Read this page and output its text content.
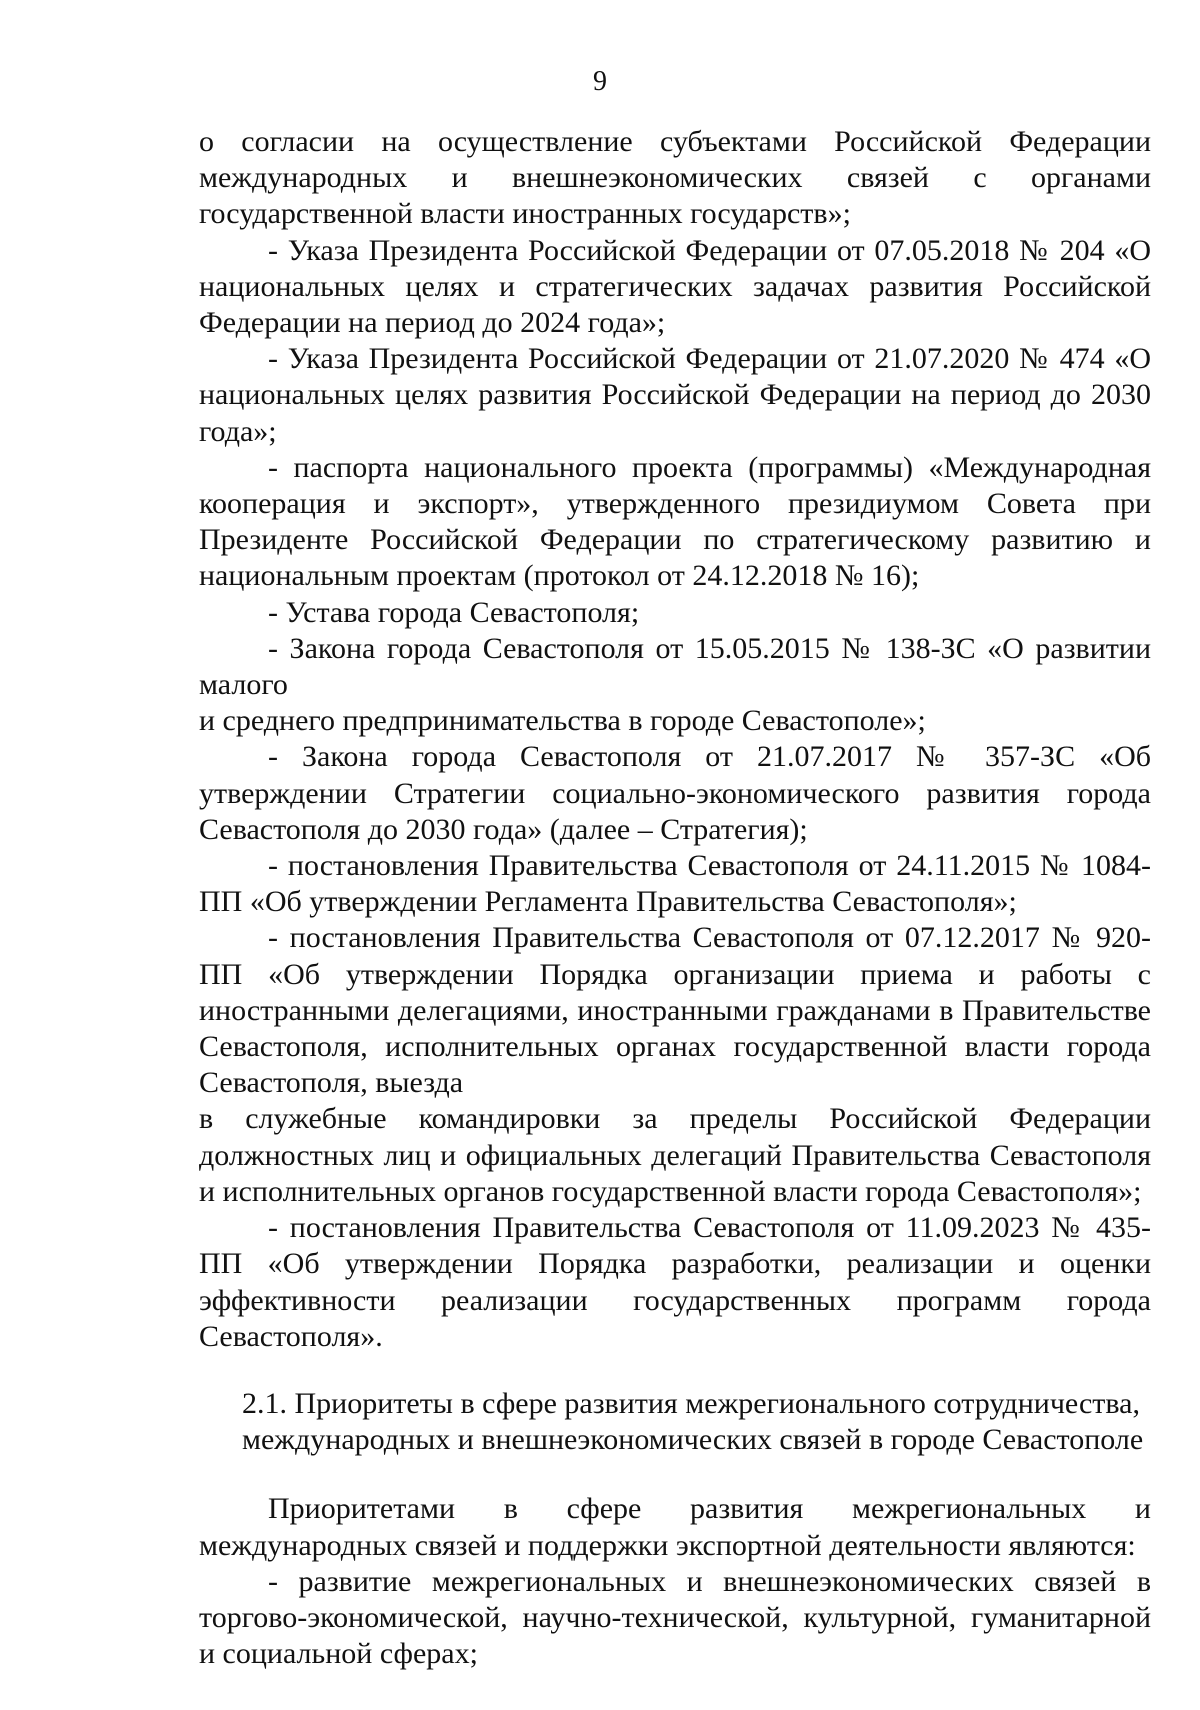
9

о согласии на осуществление субъектами Российской Федерации международных и внешнеэкономических связей с органами государственной власти иностранных государств»;

- Указа Президента Российской Федерации от 07.05.2018 № 204 «О национальных целях и стратегических задачах развития Российской Федерации на период до 2024 года»;

- Указа Президента Российской Федерации от 21.07.2020 № 474 «О национальных целях развития Российской Федерации на период до 2030 года»;

- паспорта национального проекта (программы) «Международная кооперация и экспорт», утвержденного президиумом Совета при Президенте Российской Федерации по стратегическому развитию и национальным проектам (протокол от 24.12.2018 № 16);

- Устава города Севастополя;

- Закона города Севастополя от 15.05.2015 № 138-ЗС «О развитии малого

и среднего предпринимательства в городе Севастополе»;

- Закона города Севастополя от 21.07.2017 № 357-ЗС «Об утверждении Стратегии социально-экономического развития города Севастополя до 2030 года» (далее – Стратегия);

- постановления Правительства Севастополя от 24.11.2015 № 1084-ПП «Об утверждении Регламента Правительства Севастополя»;

- постановления Правительства Севастополя от 07.12.2017 № 920-ПП «Об утверждении Порядка организации приема и работы с иностранными делегациями, иностранными гражданами в Правительстве Севастополя, исполнительных органах государственной власти города Севастополя, выезда

в служебные командировки за пределы Российской Федерации должностных лиц и официальных делегаций Правительства Севастополя и исполнительных органов государственной власти города Севастополя»;

- постановления Правительства Севастополя от 11.09.2023 № 435-ПП «Об утверждении Порядка разработки, реализации и оценки эффективности реализации государственных программ города Севастополя».

2.1. Приоритеты в сфере развития межрегионального сотрудничества,

международных и внешнеэкономических связей в городе Севастополе

Приоритетами в сфере развития межрегиональных и международных связей и поддержки экспортной деятельности являются:

- развитие межрегиональных и внешнеэкономических связей в торгово-экономической, научно-технической, культурной, гуманитарной и социальной сферах;
